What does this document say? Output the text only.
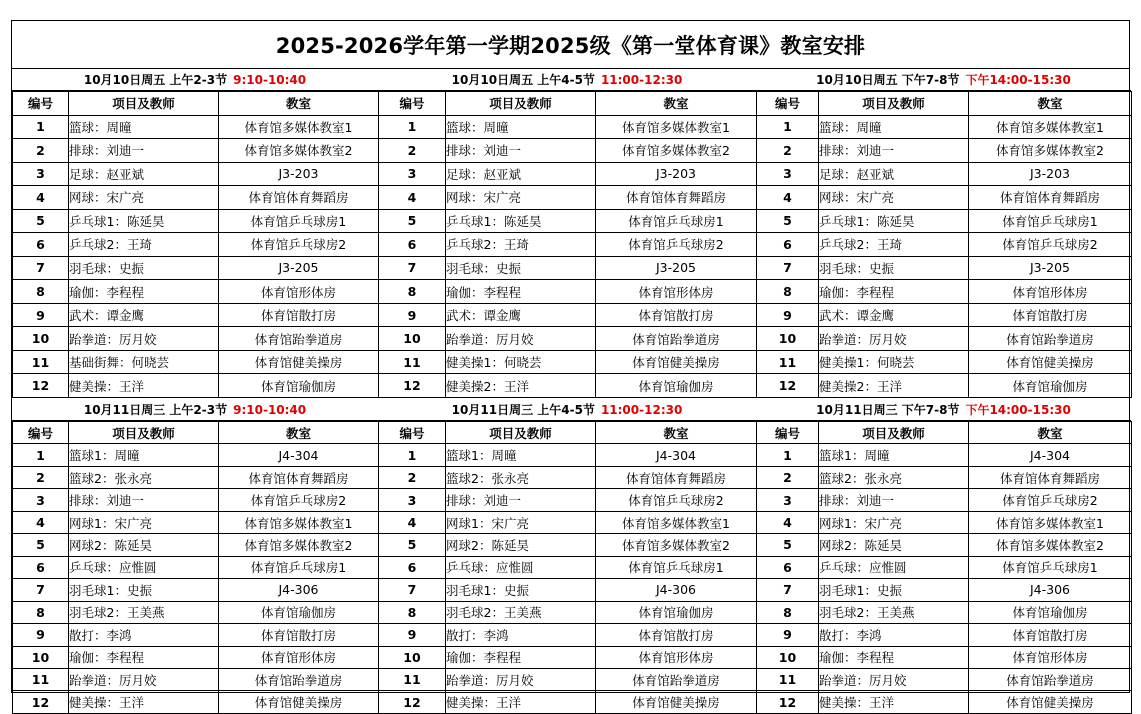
2025-2026学年第一学期2025级《第一堂体育课》教室安排
10月10日周五 上午2-3节 9:10-10:40
编号	项目及教师	教室
1	篮球：周曈	体育馆多媒体教室1
2	排球：刘迪一	体育馆多媒体教室2
3	足球：赵亚斌	J3-203
4	网球：宋广亮	体育馆体育舞蹈房
5	乒乓球1：陈延昊	体育馆乒乓球房1
6	乒乓球2：王琦	体育馆乒乓球房2
7	羽毛球：史振	J3-205
8	瑜伽：李程程	体育馆形体房
9	武术：谭金鹰	体育馆散打房
10	跆拳道：厉月姣	体育馆跆拳道房
11	基础街舞：何晓芸	体育馆健美操房
12	健美操：王洋	体育馆瑜伽房
10月10日周五 上午4-5节 11:00-12:30
编号	项目及教师	教室
1	篮球：周曈	体育馆多媒体教室1
2	排球：刘迪一	体育馆多媒体教室2
3	足球：赵亚斌	J3-203
4	网球：宋广亮	体育馆体育舞蹈房
5	乒乓球1：陈延昊	体育馆乒乓球房1
6	乒乓球2：王琦	体育馆乒乓球房2
7	羽毛球：史振	J3-205
8	瑜伽：李程程	体育馆形体房
9	武术：谭金鹰	体育馆散打房
10	跆拳道：厉月姣	体育馆跆拳道房
11	健美操1：何晓芸	体育馆健美操房
12	健美操2：王洋	体育馆瑜伽房
10月10日周五 下午7-8节 下午14:00-15:30
编号	项目及教师	教室
1	篮球：周曈	体育馆多媒体教室1
2	排球：刘迪一	体育馆多媒体教室2
3	足球：赵亚斌	J3-203
4	网球：宋广亮	体育馆体育舞蹈房
5	乒乓球1：陈延昊	体育馆乒乓球房1
6	乒乓球2：王琦	体育馆乒乓球房2
7	羽毛球：史振	J3-205
8	瑜伽：李程程	体育馆形体房
9	武术：谭金鹰	体育馆散打房
10	跆拳道：厉月姣	体育馆跆拳道房
11	健美操1：何晓芸	体育馆健美操房
12	健美操2：王洋	体育馆瑜伽房
10月11日周三 上午2-3节 9:10-10:40
编号	项目及教师	教室
1	篮球1：周曈	J4-304
2	篮球2：张永亮	体育馆体育舞蹈房
3	排球：刘迪一	体育馆乒乓球房2
4	网球1：宋广亮	体育馆多媒体教室1
5	网球2：陈延昊	体育馆多媒体教室2
6	乒乓球：应惟圆	体育馆乒乓球房1
7	羽毛球1：史振	J4-306
8	羽毛球2：王美燕	体育馆瑜伽房
9	散打：李鸿	体育馆散打房
10	瑜伽：李程程	体育馆形体房
11	跆拳道：厉月姣	体育馆跆拳道房
12	健美操：王洋	体育馆健美操房
10月11日周三 上午4-5节 11:00-12:30
编号	项目及教师	教室
1	篮球1：周曈	J4-304
2	篮球2：张永亮	体育馆体育舞蹈房
3	排球：刘迪一	体育馆乒乓球房2
4	网球1：宋广亮	体育馆多媒体教室1
5	网球2：陈延昊	体育馆多媒体教室2
6	乒乓球：应惟圆	体育馆乒乓球房1
7	羽毛球1：史振	J4-306
8	羽毛球2：王美燕	体育馆瑜伽房
9	散打：李鸿	体育馆散打房
10	瑜伽：李程程	体育馆形体房
11	跆拳道：厉月姣	体育馆跆拳道房
12	健美操：王洋	体育馆健美操房
10月11日周三 下午7-8节 下午14:00-15:30
编号	项目及教师	教室
1	篮球1：周曈	J4-304
2	篮球2：张永亮	体育馆体育舞蹈房
3	排球：刘迪一	体育馆乒乓球房2
4	网球1：宋广亮	体育馆多媒体教室1
5	网球2：陈延昊	体育馆多媒体教室2
6	乒乓球：应惟圆	体育馆乒乓球房1
7	羽毛球1：史振	J4-306
8	羽毛球2：王美燕	体育馆瑜伽房
9	散打：李鸿	体育馆散打房
10	瑜伽：李程程	体育馆形体房
11	跆拳道：厉月姣	体育馆跆拳道房
12	健美操：王洋	体育馆健美操房
